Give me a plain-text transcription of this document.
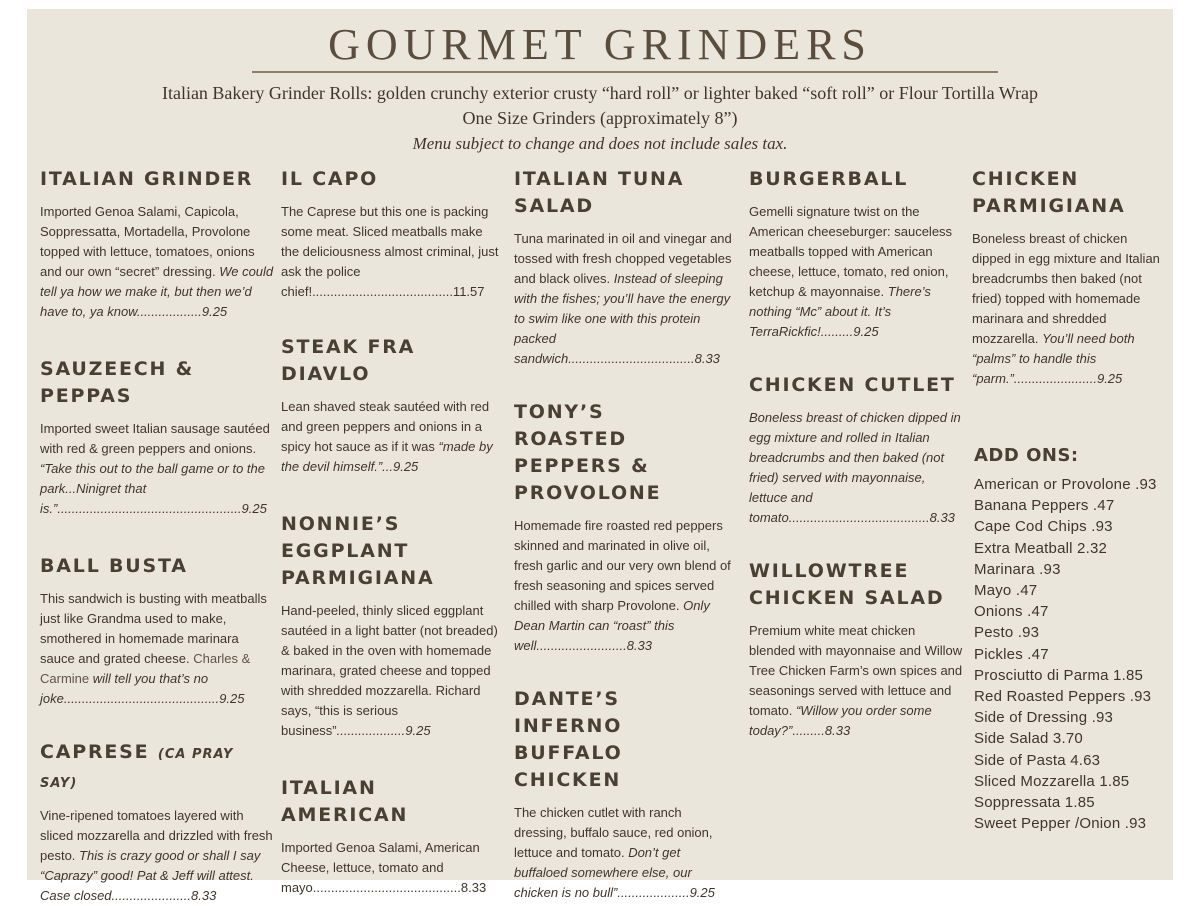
GOURMET GRINDERS
Italian Bakery Grinder Rolls: golden crunchy exterior crusty “hard roll” or lighter baked “soft roll” or Flour Tortilla Wrap
One Size Grinders (approximately 8”)
Menu subject to change and does not include sales tax.
ITALIAN GRINDER

Imported Genoa Salami, Capicola, Soppressatta, Mortadella, Provolone topped with lettuce, tomatoes, onions and our own “secret” dressing. We could tell ya how we make it, but then we’d have to, ya know..................9.25

SAUZEECH & PEPPAS

Imported sweet Italian sausage sautéed with red & green peppers and onions. “Take this out to the ball game or to the park...Ninigret that is.”...................................................9.25

BALL BUSTA

This sandwich is busting with meatballs just like Grandma used to make, smothered in homemade marinara sauce and grated cheese. Charles & Carmine will tell you that’s no joke...........................................9.25

CAPRESE (CA PRAY SAY)

Vine-ripened tomatoes layered with sliced mozzarella and drizzled with fresh pesto. This is crazy good or shall I say “Caprazy” good! Pat & Jeff will attest. Case closed......................8.33

IL CAPO

The Caprese but this one is packing some meat. Sliced meatballs make the deliciousness almost criminal, just ask the police chief!.......................................11.57

STEAK FRA DIAVLO

Lean shaved steak sautéed with red and green peppers and onions in a spicy hot sauce as if it was “made by the devil himself.”...9.25

NONNIE’S EGGPLANT PARMIGIANA

Hand-peeled, thinly sliced eggplant sautéed in a light batter (not breaded) & baked in the oven with homemade marinara, grated cheese and topped with shredded mozzarella. Richard says, “this is serious business”...................9.25

ITALIAN AMERICAN

Imported Genoa Salami, American Cheese, lettuce, tomato and mayo.........................................8.33

ITALIAN TUNA SALAD

Tuna marinated in oil and vinegar and tossed with fresh chopped vegetables and black olives. Instead of sleeping with the fishes; you’ll have the energy to swim like one with this protein packed sandwich...................................8.33

TONY’S ROASTED PEPPERS & PROVOLONE

Homemade fire roasted red peppers skinned and marinated in olive oil, fresh garlic and our very own blend of fresh seasoning and spices served chilled with sharp Provolone. Only Dean Martin can “roast” this well.........................8.33

DANTE’S INFERNO BUFFALO CHICKEN

The chicken cutlet with ranch dressing, buffalo sauce, red onion, lettuce and tomato. Don’t get buffaloed somewhere else, our chicken is no bull”....................9.25

BURGERBALL

Gemelli signature twist on the American cheeseburger: sauceless meatballs topped with American cheese, lettuce, tomato, red onion, ketchup & mayonnaise. There’s nothing “Mc” about it. It’s TerraRickfic!.........9.25

CHICKEN CUTLET

Boneless breast of chicken dipped in egg mixture and rolled in Italian breadcrumbs and then baked (not fried) served with mayonnaise, lettuce and tomato.......................................8.33

WILLOWTREE CHICKEN SALAD

Premium white meat chicken blended with mayonnaise and Willow Tree Chicken Farm’s own spices and seasonings served with lettuce and tomato. “Willow you order some today?”.........8.33

CHICKEN PARMIGIANA

Boneless breast of chicken dipped in egg mixture and Italian breadcrumbs then baked (not fried) topped with homemade marinara and shredded mozzarella. You’ll need both “palms” to handle this “parm.”.......................9.25

ADD ONS:
American or Provolone .93
Banana Peppers .47
Cape Cod Chips .93
Extra Meatball 2.32
Marinara .93
Mayo .47
Onions .47
Pesto .93
Pickles .47
Prosciutto di Parma 1.85
Red Roasted Peppers .93
Side of Dressing .93
Side Salad 3.70
Side of Pasta 4.63
Sliced Mozzarella 1.85
Soppressata 1.85
Sweet Pepper /Onion .93
